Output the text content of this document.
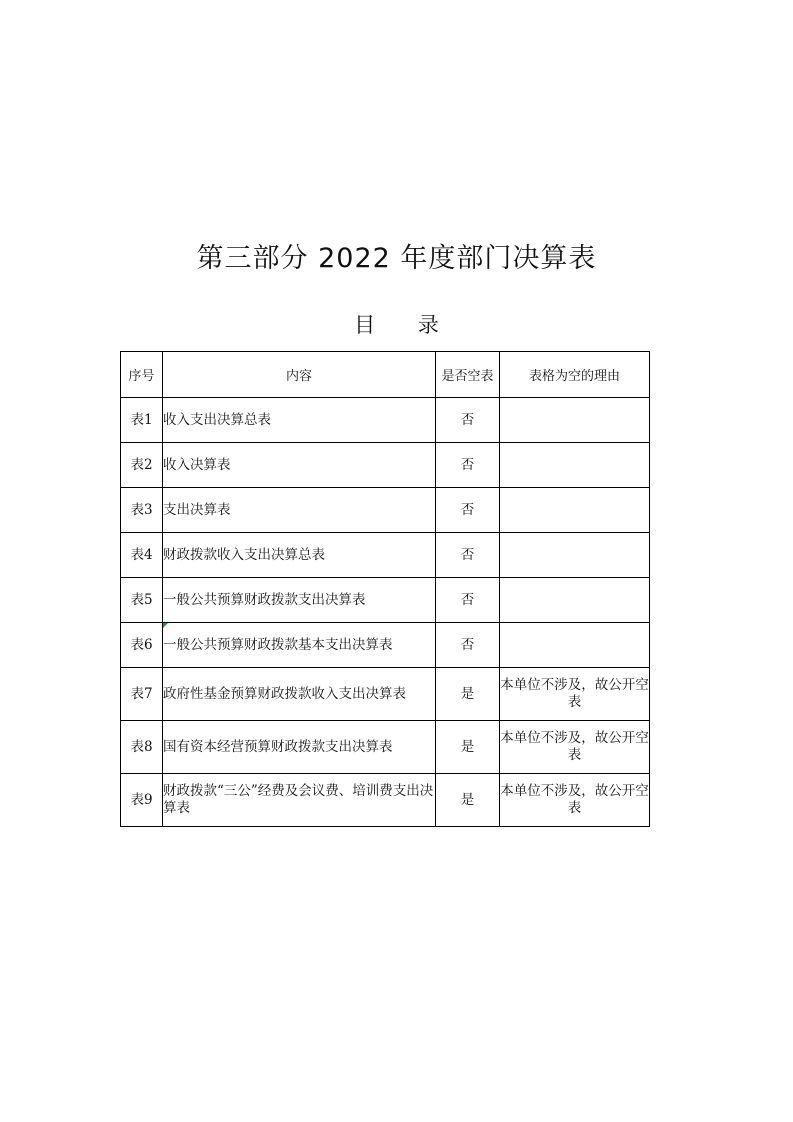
第三部分 2022 年度部门决算表
目 录
序号	内容	是否空表	表格为空的理由
表1	收入支出决算总表	否	
表2	收入决算表	否	
表3	支出决算表	否	
表4	财政拨款收入支出决算总表	否	
表5	一般公共预算财政拨款支出决算表	否	
表6	一般公共预算财政拨款基本支出决算表	否	
表7	政府性基金预算财政拨款收入支出决算表	是	本单位不涉及，故公开空表
表8	国有资本经营预算财政拨款支出决算表	是	本单位不涉及，故公开空表
表9	财政拨款“三公”经费及会议费、培训费支出决算表	是	本单位不涉及，故公开空表
